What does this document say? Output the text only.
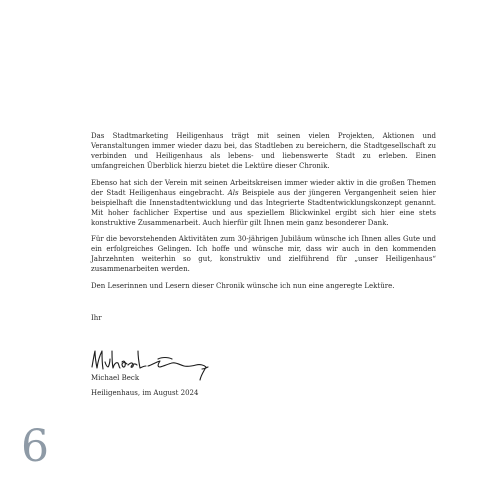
Das Stadtmarketing Heiligenhaus trägt mit seinen vielen Projekten, Aktionen und Veranstaltungen immer wieder dazu bei, das Stadtleben zu bereichern, die Stadtgesellschaft zu verbinden und Heiligenhaus als lebens- und liebenswerte Stadt zu erleben. Einen umfangreichen Überblick hierzu bietet die Lektüre dieser Chronik.

Ebenso hat sich der Verein mit seinen Arbeitskreisen immer wieder aktiv in die großen Themen der Stadt Heiligenhaus eingebracht. Als Beispiele aus der jüngeren Vergangenheit seien hier beispielhaft die Innenstadtentwicklung und das Integrierte Stadtentwicklungskonzept genannt. Mit hoher fachlicher Expertise und aus speziellem Blickwinkel ergibt sich hier eine stets konstruktive Zusammenarbeit. Auch hierfür gilt Ihnen mein ganz besonderer Dank.

Für die bevorstehenden Aktivitäten zum 30-jährigen Jubiläum wünsche ich Ihnen alles Gute und ein erfolgreiches Gelingen. Ich hoffe und wünsche mir, dass wir auch in den kommenden Jahrzehnten weiterhin so gut, konstruktiv und zielführend für „unser Heiligenhaus“ zusammenarbeiten werden.

Den Leserinnen und Lesern dieser Chronik wünsche ich nun eine angeregte Lektüre.

Ihr

Michael Beck

Heiligenhaus, im August 2024

6
